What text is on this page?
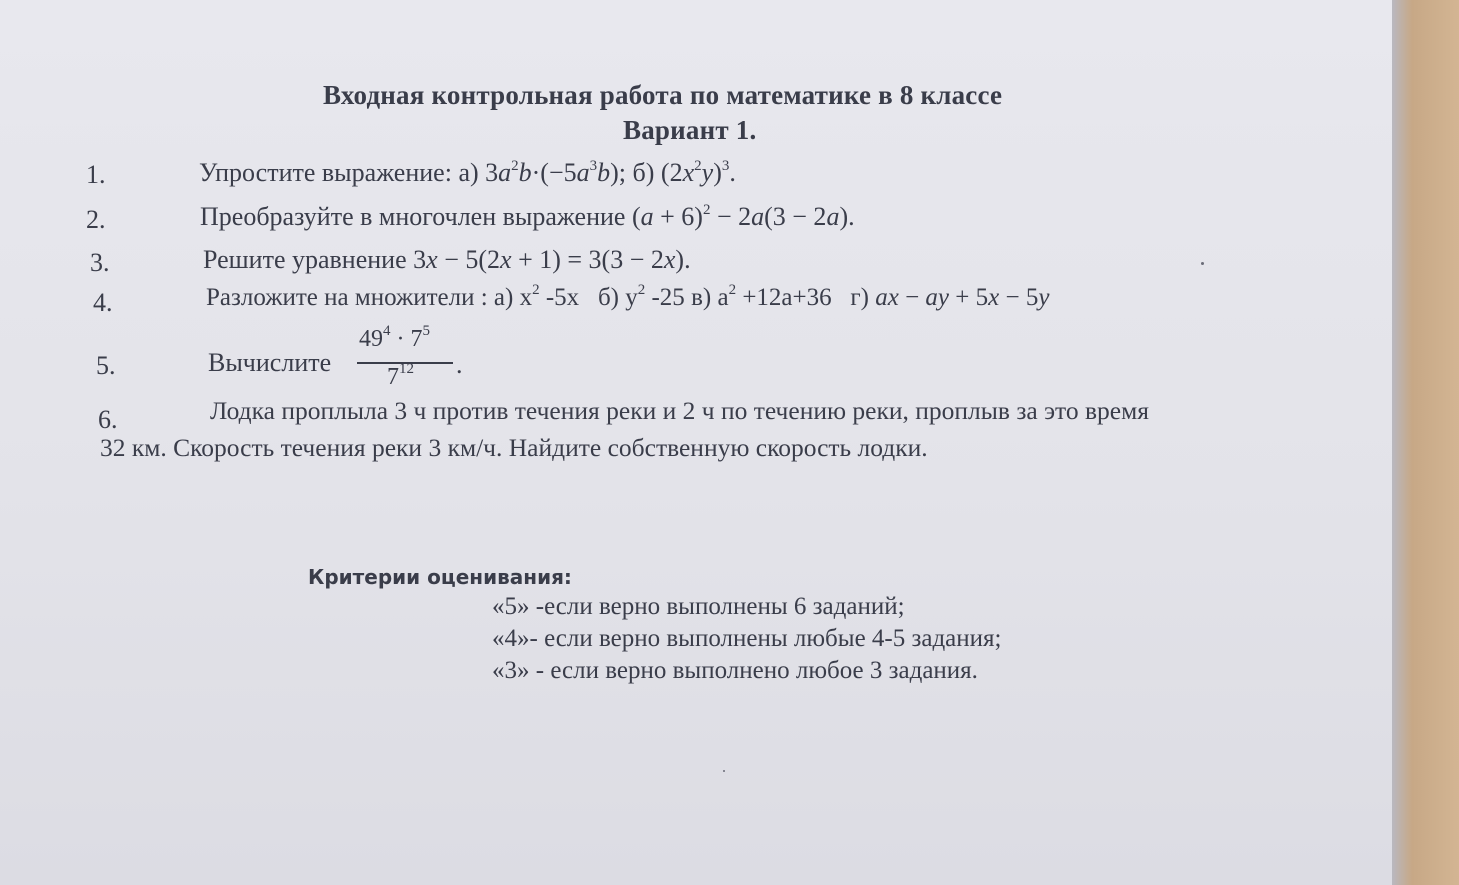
Входная контрольная работа по математике в 8 классе
Вариант 1.
1.	Упростите выражение: а) $3a^2b\cdot(-5a^3b)$; б) $(2x^2y)^3$.
2.	Преобразуйте в многочлен выражение $(a + 6)^2 - 2a(3 - 2a)$.
3.	Решите уравнение 3x − 5(2x + 1) = 3(3 − 2x).
4.	Разложите на множители : а) $x^2$ -5x б) $y^2$ -25 в) $a^2 +12a+36$ г) ax − ay + 5x − 5y
5.	Вычислите
$49^4 \cdot 7^5$
$7^{12}$ .
6.	Лодка проплыла 3 ч против течения реки и 2 ч по течению реки, проплыв за это время
32 км. Скорость течения реки 3 км/ч. Найдите собственную скорость лодки.
Критерии оценивания:
«5» -если верно выполнены 6 заданий;
«4»- если верно выполнены любые 4-5 задания;
«3» - если верно выполнено любое 3 задания.
